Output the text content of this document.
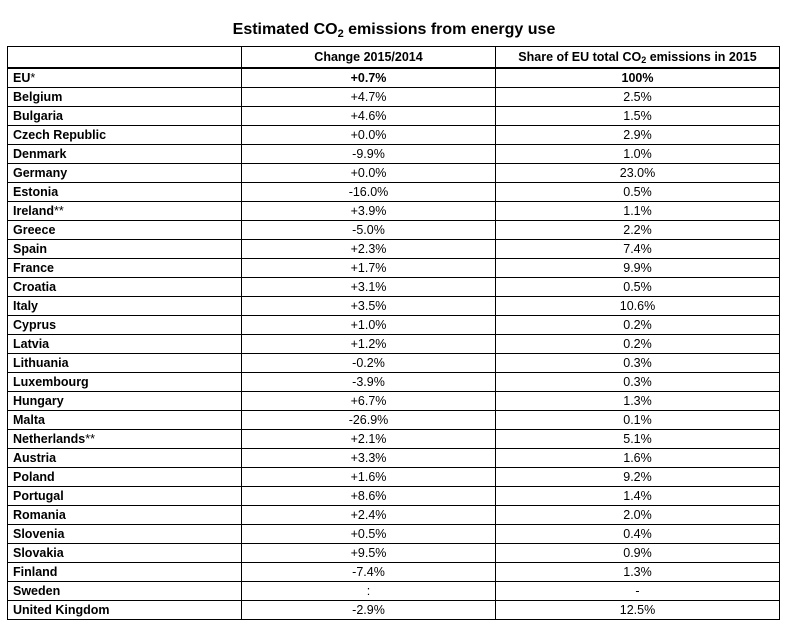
Estimated $CO_2$ emissions from energy use
	Change 2015/2014	Share of EU total $CO_2$ emissions in 2015
EU*	+0.7%	100%
Belgium	+4.7%	2.5%
Bulgaria	+4.6%	1.5%
Czech Republic	+0.0%	2.9%
Denmark	-9.9%	1.0%
Germany	+0.0%	23.0%
Estonia	-16.0%	0.5%
Ireland**	+3.9%	1.1%
Greece	-5.0%	2.2%
Spain	+2.3%	7.4%
France	+1.7%	9.9%
Croatia	+3.1%	0.5%
Italy	+3.5%	10.6%
Cyprus	+1.0%	0.2%
Latvia	+1.2%	0.2%
Lithuania	-0.2%	0.3%
Luxembourg	-3.9%	0.3%
Hungary	+6.7%	1.3%
Malta	-26.9%	0.1%
Netherlands**	+2.1%	5.1%
Austria	+3.3%	1.6%
Poland	+1.6%	9.2%
Portugal	+8.6%	1.4%
Romania	+2.4%	2.0%
Slovenia	+0.5%	0.4%
Slovakia	+9.5%	0.9%
Finland	-7.4%	1.3%
Sweden	:	-
United Kingdom	-2.9%	12.5%
